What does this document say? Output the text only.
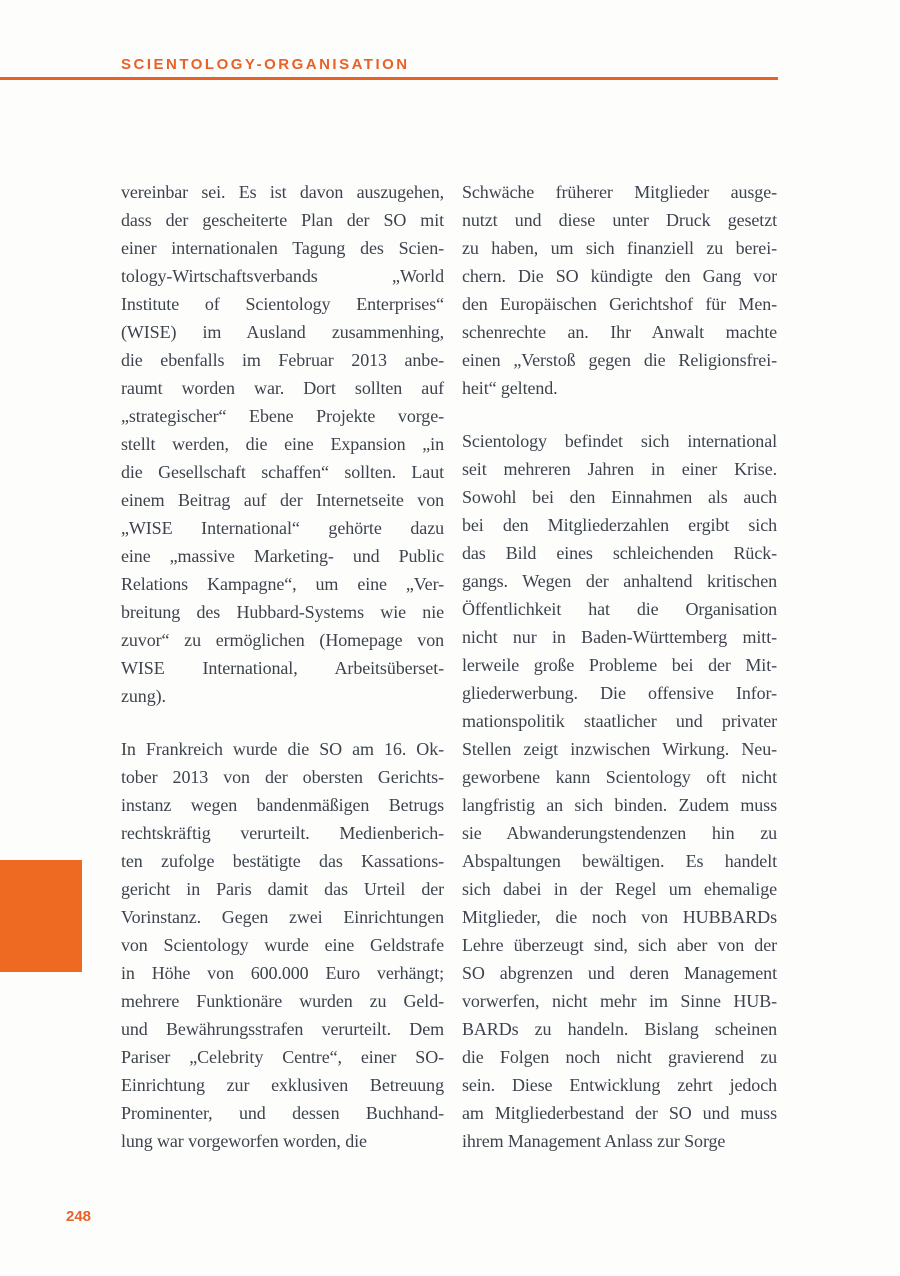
SCIENTOLOGY-ORGANISATION
vereinbar sei. Es ist davon auszugehen,
dass der gescheiterte Plan der SO mit
einer internationalen Tagung des Scien-
tology-Wirtschaftsverbands „World
Institute of Scientology Enterprises“
(WISE) im Ausland zusammenhing,
die ebenfalls im Februar 2013 anbe-
raumt worden war. Dort sollten auf
„strategischer“ Ebene Projekte vorge-
stellt werden, die eine Expansion „in
die Gesellschaft schaffen“ sollten. Laut
einem Beitrag auf der Internetseite von
„WISE International“ gehörte dazu
eine „massive Marketing- und Public
Relations Kampagne“, um eine „Ver-
breitung des Hubbard-Systems wie nie
zuvor“ zu ermöglichen (Homepage von
WISE International, Arbeitsüberset-
zung).
In Frankreich wurde die SO am 16. Ok-
tober 2013 von der obersten Gerichts-
instanz wegen bandenmäßigen Betrugs
rechtskräftig verurteilt. Medienberich-
ten zufolge bestätigte das Kassations-
gericht in Paris damit das Urteil der
Vorinstanz. Gegen zwei Einrichtungen
von Scientology wurde eine Geldstrafe
in Höhe von 600.000 Euro verhängt;
mehrere Funktionäre wurden zu Geld-
und Bewährungsstrafen verurteilt. Dem
Pariser „Celebrity Centre“, einer SO-
Einrichtung zur exklusiven Betreuung
Prominenter, und dessen Buchhand-
lung war vorgeworfen worden, die
Schwäche früherer Mitglieder ausge-
nutzt und diese unter Druck gesetzt
zu haben, um sich finanziell zu berei-
chern. Die SO kündigte den Gang vor
den Europäischen Gerichtshof für Men-
schenrechte an. Ihr Anwalt machte
einen „Verstoß gegen die Religionsfrei-
heit“ geltend.
Scientology befindet sich international
seit mehreren Jahren in einer Krise.
Sowohl bei den Einnahmen als auch
bei den Mitgliederzahlen ergibt sich
das Bild eines schleichenden Rück-
gangs. Wegen der anhaltend kritischen
Öffentlichkeit hat die Organisation
nicht nur in Baden-Württemberg mitt-
lerweile große Probleme bei der Mit-
gliederwerbung. Die offensive Infor-
mationspolitik staatlicher und privater
Stellen zeigt inzwischen Wirkung. Neu-
geworbene kann Scientology oft nicht
langfristig an sich binden. Zudem muss
sie Abwanderungstendenzen hin zu
Abspaltungen bewältigen. Es handelt
sich dabei in der Regel um ehemalige
Mitglieder, die noch von HUBBARDs
Lehre überzeugt sind, sich aber von der
SO abgrenzen und deren Management
vorwerfen, nicht mehr im Sinne HUB-
BARDs zu handeln. Bislang scheinen
die Folgen noch nicht gravierend zu
sein. Diese Entwicklung zehrt jedoch
am Mitgliederbestand der SO und muss
ihrem Management Anlass zur Sorge
248
